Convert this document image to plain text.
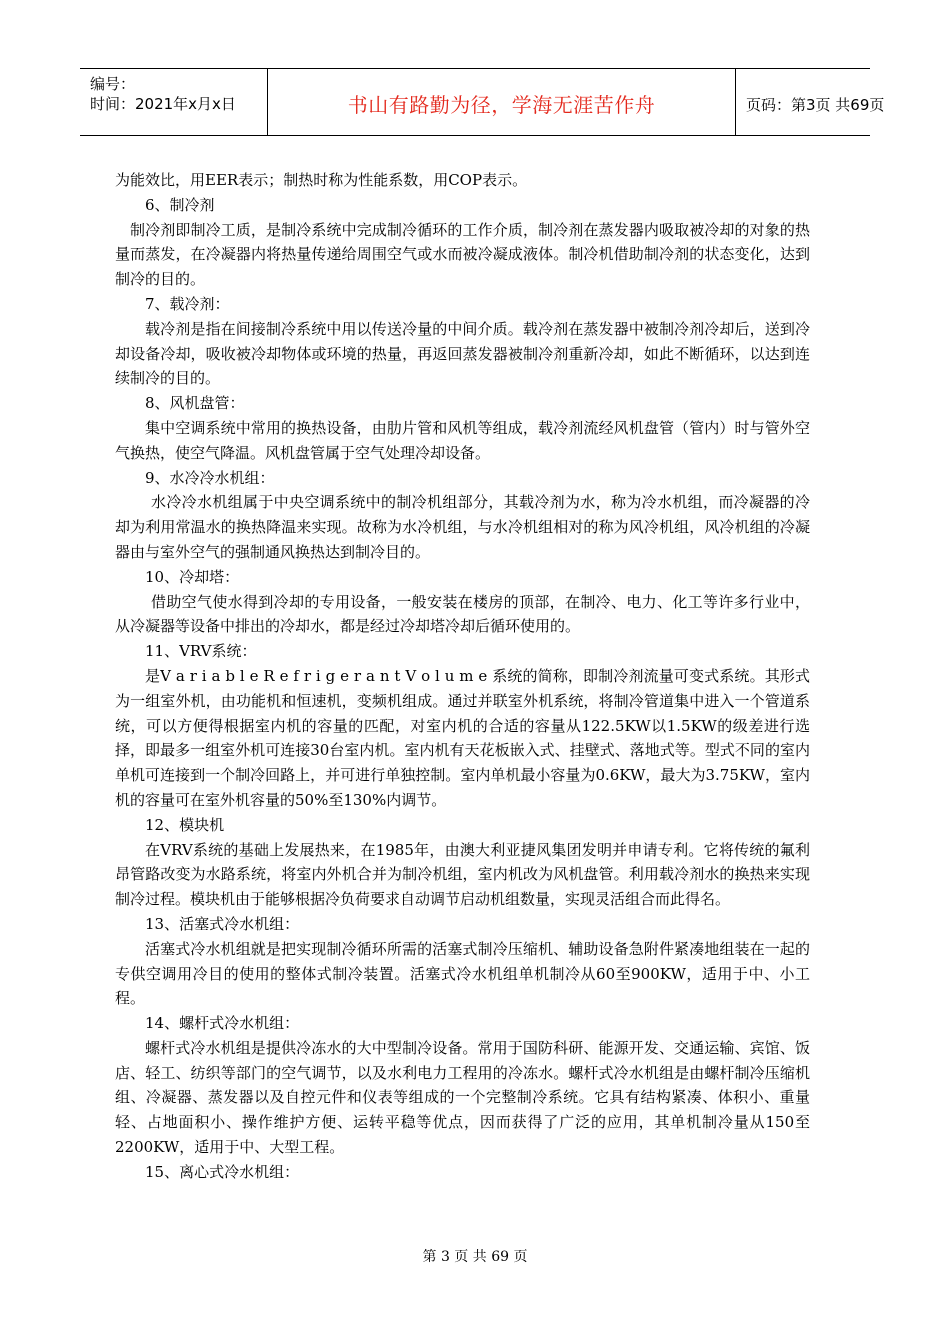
编号：
时间：2021年x月x日	书山有路勤为径，学海无涯苦作舟	页码：第3页 共69页

为能效比，用EER表示；制热时称为性能系数，用COP表示。

6、制冷剂

制冷剂即制冷工质，是制冷系统中完成制冷循环的工作介质，制冷剂在蒸发器内吸取被冷却的对象的热量而蒸发，在冷凝器内将热量传递给周围空气或水而被冷凝成液体。制冷机借助制冷剂的状态变化，达到制冷的目的。

7、载冷剂：

载冷剂是指在间接制冷系统中用以传送冷量的中间介质。载冷剂在蒸发器中被制冷剂冷却后，送到冷却设备冷却，吸收被冷却物体或环境的热量，再返回蒸发器被制冷剂重新冷却，如此不断循环，以达到连续制冷的目的。

8、风机盘管：

集中空调系统中常用的换热设备，由肋片管和风机等组成，载冷剂流经风机盘管（管内）时与管外空气换热，使空气降温。风机盘管属于空气处理冷却设备。

9、水冷冷水机组：

水冷冷水机组属于中央空调系统中的制冷机组部分，其载冷剂为水，称为冷水机组，而冷凝器的冷却为利用常温水的换热降温来实现。故称为水冷机组，与水冷机组相对的称为风冷机组，风冷机组的冷凝器由与室外空气的强制通风换热达到制冷目的。

10、冷却塔：

借助空气使水得到冷却的专用设备，一般安装在楼房的顶部，在制冷、电力、化工等许多行业中，从冷凝器等设备中排出的冷却水，都是经过冷却塔冷却后循环使用的。

11、VRV系统：

是V a r i a b l e R e f r i g e r a n t V o l u m e 系统的简称，即制冷剂流量可变式系统。其形式为一组室外机，由功能机和恒速机，变频机组成。通过并联室外机系统，将制冷管道集中进入一个管道系统，可以方便得根据室内机的容量的匹配，对室内机的合适的容量从122.5KW以1.5KW的级差进行选择，即最多一组室外机可连接30台室内机。室内机有天花板嵌入式、挂壁式、落地式等。型式不同的室内单机可连接到一个制冷回路上，并可进行单独控制。室内单机最小容量为0.6KW，最大为3.75KW，室内机的容量可在室外机容量的50%至130%内调节。

12、模块机

在VRV系统的基础上发展热来，在1985年，由澳大利亚捷风集团发明并申请专利。它将传统的氟利昂管路改变为水路系统，将室内外机合并为制冷机组，室内机改为风机盘管。利用载冷剂水的换热来实现制冷过程。模块机由于能够根据冷负荷要求自动调节启动机组数量，实现灵活组合而此得名。

13、活塞式冷水机组：

活塞式冷水机组就是把实现制冷循环所需的活塞式制冷压缩机、辅助设备急附件紧凑地组装在一起的专供空调用冷目的使用的整体式制冷装置。活塞式冷水机组单机制冷从60至900KW，适用于中、小工程。

14、螺杆式冷水机组：

螺杆式冷水机组是提供冷冻水的大中型制冷设备。常用于国防科研、能源开发、交通运输、宾馆、饭店、轻工、纺织等部门的空气调节，以及水利电力工程用的冷冻水。螺杆式冷水机组是由螺杆制冷压缩机组、冷凝器、蒸发器以及自控元件和仪表等组成的一个完整制冷系统。它具有结构紧凑、体积小、重量轻、占地面积小、操作维护方便、运转平稳等优点，因而获得了广泛的应用，其单机制冷量从150至2200KW，适用于中、大型工程。

15、离心式冷水机组：

第 3 页 共 69 页
